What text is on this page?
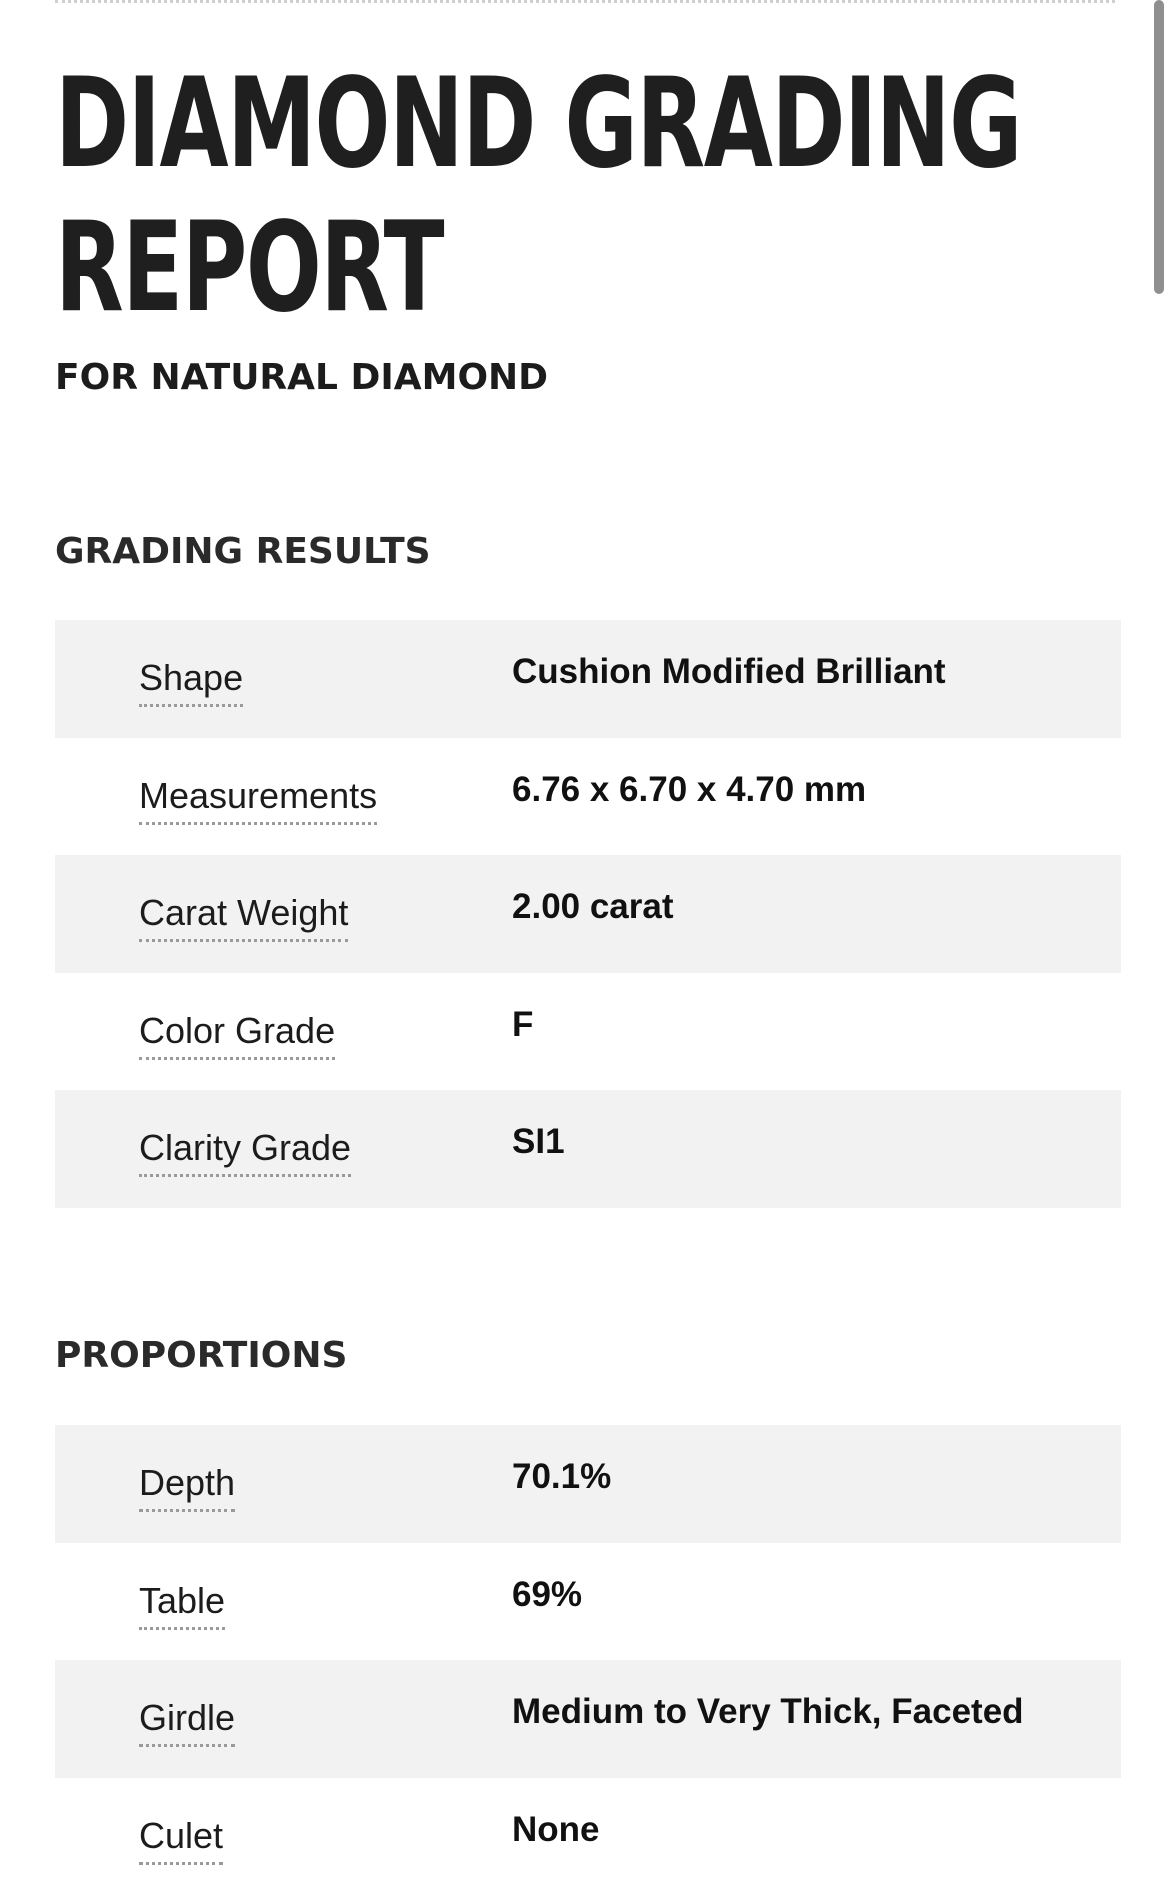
DIAMOND GRADING
REPORT
FOR NATURAL DIAMOND
GRADING RESULTS
Shape	Cushion Modified Brilliant
Measurements	6.76 x 6.70 x 4.70 mm
Carat Weight	2.00 carat
Color Grade	F
Clarity Grade	SI1
PROPORTIONS
Depth	70.1%
Table	69%
Girdle	Medium to Very Thick, Faceted
Culet	None
